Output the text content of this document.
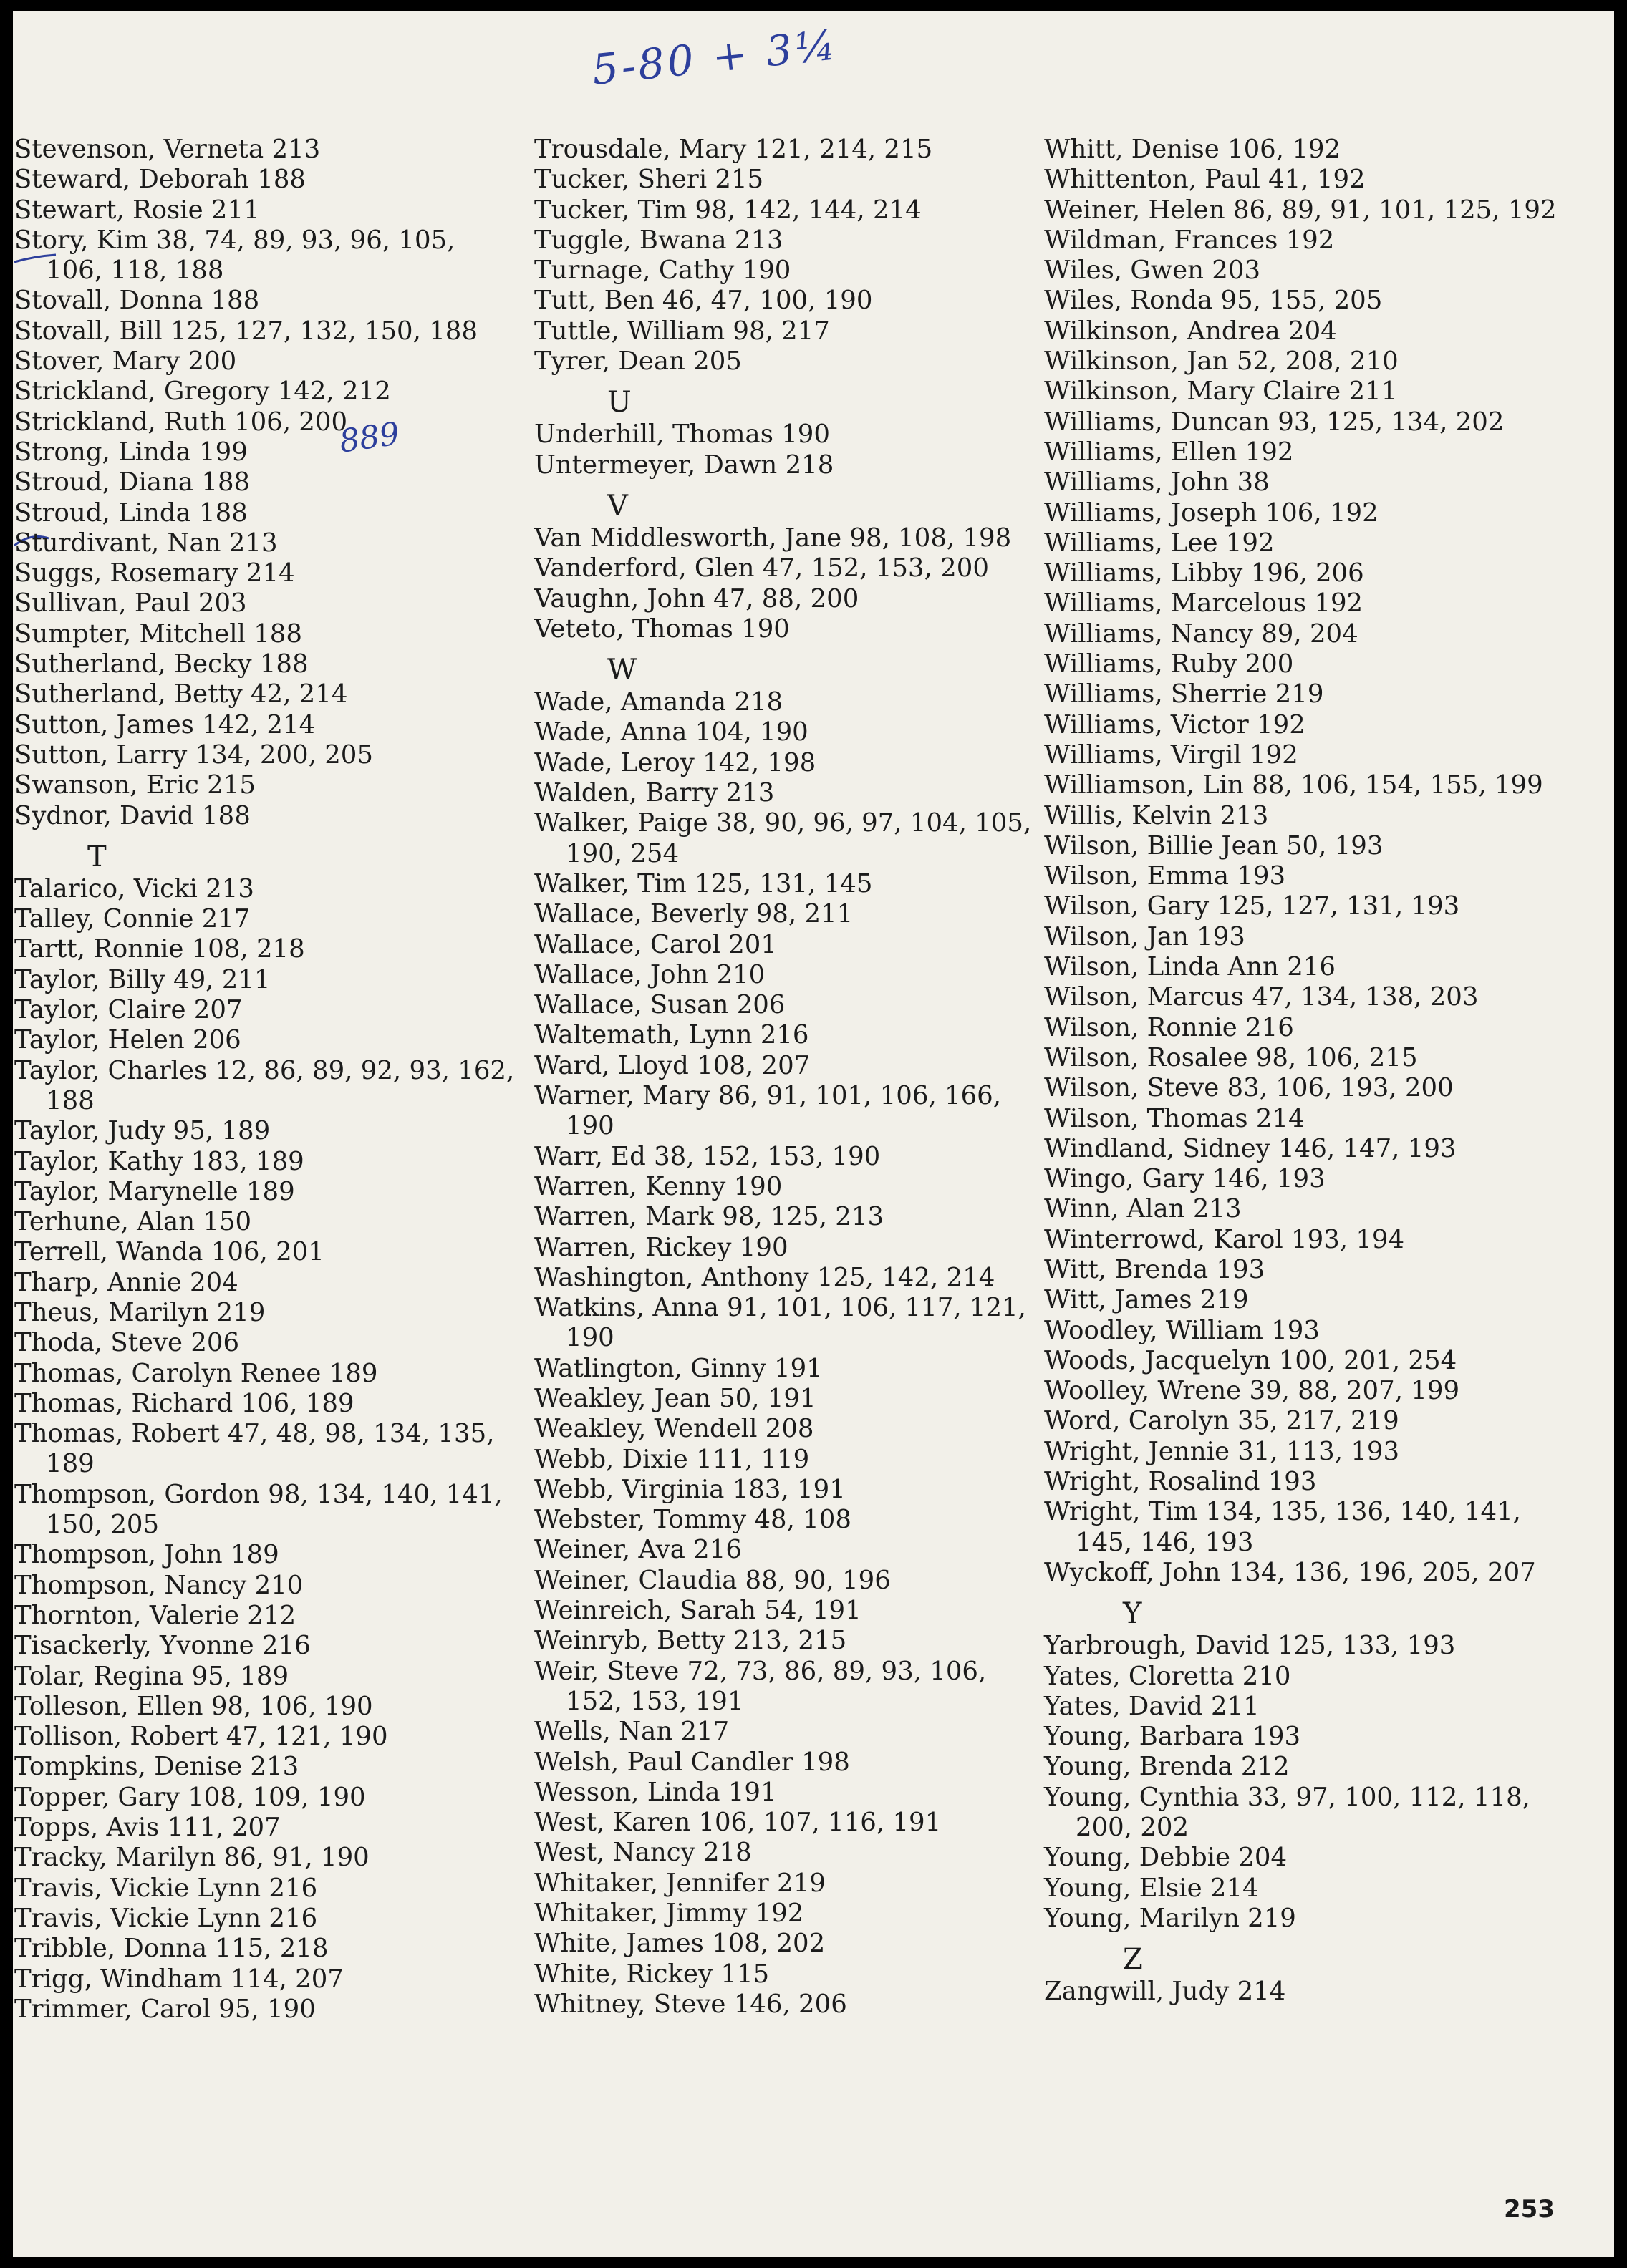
5-80 + 3¼
889
Stevenson, Verneta 213
Steward, Deborah 188
Stewart, Rosie 211
Story, Kim 38, 74, 89, 93, 96, 105, 106, 118, 188
Stovall, Donna 188
Stovall, Bill 125, 127, 132, 150, 188
Stover, Mary 200
Strickland, Gregory 142, 212
Strickland, Ruth 106, 200
Strong, Linda 199
Stroud, Diana 188
Stroud, Linda 188
Sturdivant, Nan 213
Suggs, Rosemary 214
Sullivan, Paul 203
Sumpter, Mitchell 188
Sutherland, Becky 188
Sutherland, Betty 42, 214
Sutton, James 142, 214
Sutton, Larry 134, 200, 205
Swanson, Eric 215
Sydnor, David 188
T
Talarico, Vicki 213
Talley, Connie 217
Tartt, Ronnie 108, 218
Taylor, Billy 49, 211
Taylor, Claire 207
Taylor, Helen 206
Taylor, Charles 12, 86, 89, 92, 93, 162, 188
Taylor, Judy 95, 189
Taylor, Kathy 183, 189
Taylor, Marynelle 189
Terhune, Alan 150
Terrell, Wanda 106, 201
Tharp, Annie 204
Theus, Marilyn 219
Thoda, Steve 206
Thomas, Carolyn Renee 189
Thomas, Richard 106, 189
Thomas, Robert 47, 48, 98, 134, 135, 189
Thompson, Gordon 98, 134, 140, 141, 150, 205
Thompson, John 189
Thompson, Nancy 210
Thornton, Valerie 212
Tisackerly, Yvonne 216
Tolar, Regina 95, 189
Tolleson, Ellen 98, 106, 190
Tollison, Robert 47, 121, 190
Tompkins, Denise 213
Topper, Gary 108, 109, 190
Topps, Avis 111, 207
Tracky, Marilyn 86, 91, 190
Travis, Vickie Lynn 216
Travis, Vickie Lynn 216
Tribble, Donna 115, 218
Trigg, Windham 114, 207
Trimmer, Carol 95, 190
Trousdale, Mary 121, 214, 215
Tucker, Sheri 215
Tucker, Tim 98, 142, 144, 214
Tuggle, Bwana 213
Turnage, Cathy 190
Tutt, Ben 46, 47, 100, 190
Tuttle, William 98, 217
Tyrer, Dean 205
U
Underhill, Thomas 190
Untermeyer, Dawn 218
V
Van Middlesworth, Jane 98, 108, 198
Vanderford, Glen 47, 152, 153, 200
Vaughn, John 47, 88, 200
Veteto, Thomas 190
W
Wade, Amanda 218
Wade, Anna 104, 190
Wade, Leroy 142, 198
Walden, Barry 213
Walker, Paige 38, 90, 96, 97, 104, 105, 190, 254
Walker, Tim 125, 131, 145
Wallace, Beverly 98, 211
Wallace, Carol 201
Wallace, John 210
Wallace, Susan 206
Waltemath, Lynn 216
Ward, Lloyd 108, 207
Warner, Mary 86, 91, 101, 106, 166, 190
Warr, Ed 38, 152, 153, 190
Warren, Kenny 190
Warren, Mark 98, 125, 213
Warren, Rickey 190
Washington, Anthony 125, 142, 214
Watkins, Anna 91, 101, 106, 117, 121, 190
Watlington, Ginny 191
Weakley, Jean 50, 191
Weakley, Wendell 208
Webb, Dixie 111, 119
Webb, Virginia 183, 191
Webster, Tommy 48, 108
Weiner, Ava 216
Weiner, Claudia 88, 90, 196
Weinreich, Sarah 54, 191
Weinryb, Betty 213, 215
Weir, Steve 72, 73, 86, 89, 93, 106, 152, 153, 191
Wells, Nan 217
Welsh, Paul Candler 198
Wesson, Linda 191
West, Karen 106, 107, 116, 191
West, Nancy 218
Whitaker, Jennifer 219
Whitaker, Jimmy 192
White, James 108, 202
White, Rickey 115
Whitney, Steve 146, 206
Whitt, Denise 106, 192
Whittenton, Paul 41, 192
Weiner, Helen 86, 89, 91, 101, 125, 192
Wildman, Frances 192
Wiles, Gwen 203
Wiles, Ronda 95, 155, 205
Wilkinson, Andrea 204
Wilkinson, Jan 52, 208, 210
Wilkinson, Mary Claire 211
Williams, Duncan 93, 125, 134, 202
Williams, Ellen 192
Williams, John 38
Williams, Joseph 106, 192
Williams, Lee 192
Williams, Libby 196, 206
Williams, Marcelous 192
Williams, Nancy 89, 204
Williams, Ruby 200
Williams, Sherrie 219
Williams, Victor 192
Williams, Virgil 192
Williamson, Lin 88, 106, 154, 155, 199
Willis, Kelvin 213
Wilson, Billie Jean 50, 193
Wilson, Emma 193
Wilson, Gary 125, 127, 131, 193
Wilson, Jan 193
Wilson, Linda Ann 216
Wilson, Marcus 47, 134, 138, 203
Wilson, Ronnie 216
Wilson, Rosalee 98, 106, 215
Wilson, Steve 83, 106, 193, 200
Wilson, Thomas 214
Windland, Sidney 146, 147, 193
Wingo, Gary 146, 193
Winn, Alan 213
Winterrowd, Karol 193, 194
Witt, Brenda 193
Witt, James 219
Woodley, William 193
Woods, Jacquelyn 100, 201, 254
Woolley, Wrene 39, 88, 207, 199
Word, Carolyn 35, 217, 219
Wright, Jennie 31, 113, 193
Wright, Rosalind 193
Wright, Tim 134, 135, 136, 140, 141, 145, 146, 193
Wyckoff, John 134, 136, 196, 205, 207
Y
Yarbrough, David 125, 133, 193
Yates, Cloretta 210
Yates, David 211
Young, Barbara 193
Young, Brenda 212
Young, Cynthia 33, 97, 100, 112, 118, 200, 202
Young, Debbie 204
Young, Elsie 214
Young, Marilyn 219
Z
Zangwill, Judy 214
253
